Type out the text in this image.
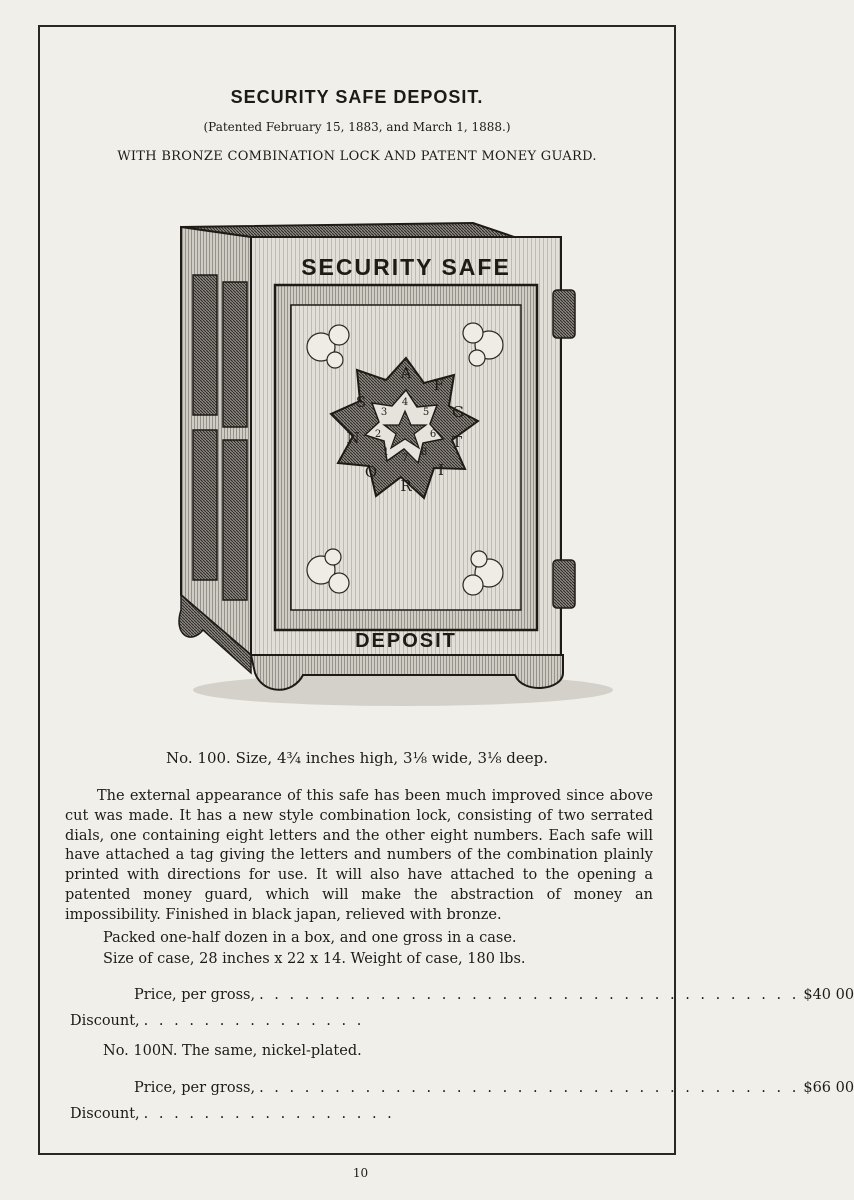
SECURITY SAFE DEPOSIT.
(Patented February 15, 1883, and March 1, 1888.)
WITH BRONZE COMBINATION LOCK AND PATENT MONEY GUARD.
A
F
G
T
I
R
O
N
S	4
5
6
8
7
1
2
3
SECURITY SAFE
DEPOSIT
No. 100. Size, 4¾ inches high, 3⅛ wide, 3⅛ deep.

The external appearance of this safe has been much improved since above cut was made. It has a new style combination lock, consisting of two serrated dials, one containing eight letters and the other eight numbers. Each safe will have attached a tag giving the letters and numbers of the combination plainly printed with directions for use. It will also have attached to the opening a patented money guard, which will make the abstraction of money an impossibility. Finished in black japan, relieved with bronze.

Packed one-half dozen in a box, and one gross in a case.
Size of case, 28 inches x 22 x 14. Weight of case, 180 lbs.
Price, per gross, . . . . . . . . . . . . . . . . . . . . . . . . . . . . . . . . . . . . $40 00
Discount, . . . . . . . . . . . . . . .
No. 100N. The same, nickel-plated.
Price, per gross, . . . . . . . . . . . . . . . . . . . . . . . . . . . . . . . . . . . . $66 00
Discount, . . . . . . . . . . . . . . . . .
10
